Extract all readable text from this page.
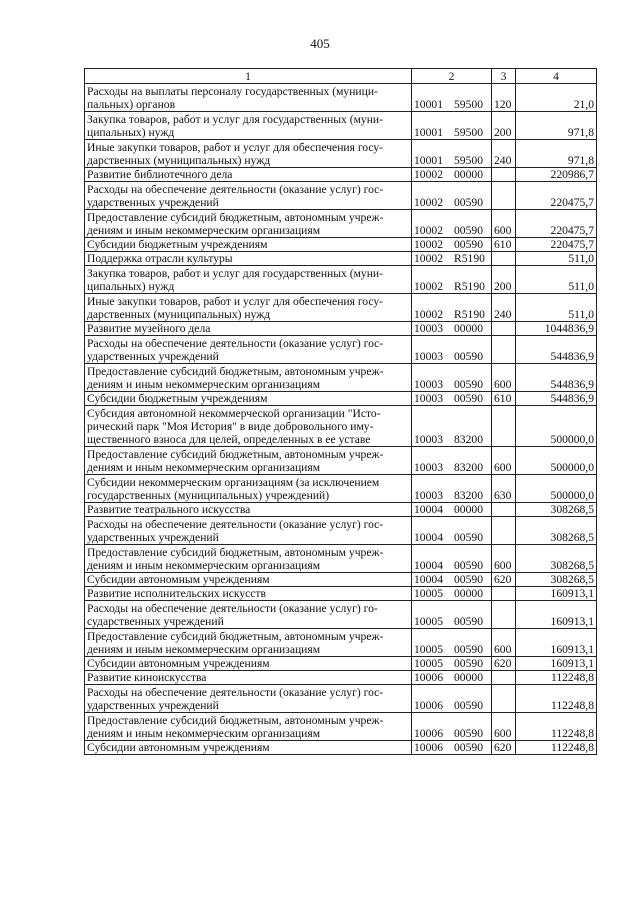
405
1	2	3	4
Расходы на выплаты персоналу государственных (муници-пальных) органов	10001 59500	120	21,0
Закупка товаров, работ и услуг для государственных (муни-ципальных) нужд	10001 59500	200	971,8
Иные закупки товаров, работ и услуг для обеспечения госу-дарственных (муниципальных) нужд	10001 59500	240	971,8
Развитие библиотечного дела	10002 00000		220986,7
Расходы на обеспечение деятельности (оказание услуг) гос-ударственных учреждений	10002 00590		220475,7
Предоставление субсидий бюджетным, автономным учреж-дениям и иным некоммерческим организациям	10002 00590	600	220475,7
Субсидии бюджетным учреждениям	10002 00590	610	220475,7
Поддержка отрасли культуры	10002 R5190		511,0
Закупка товаров, работ и услуг для государственных (муни-ципальных) нужд	10002 R5190	200	511,0
Иные закупки товаров, работ и услуг для обеспечения госу-дарственных (муниципальных) нужд	10002 R5190	240	511,0
Развитие музейного дела	10003 00000		1044836,9
Расходы на обеспечение деятельности (оказание услуг) гос-ударственных учреждений	10003 00590		544836,9
Предоставление субсидий бюджетным, автономным учреж-дениям и иным некоммерческим организациям	10003 00590	600	544836,9
Субсидии бюджетным учреждениям	10003 00590	610	544836,9
Субсидия автономной некоммерческой организации "Исто-рический парк "Моя История" в виде добровольного иму-щественного взноса для целей, определенных в ее уставе	10003 83200		500000,0
Предоставление субсидий бюджетным, автономным учреж-дениям и иным некоммерческим организациям	10003 83200	600	500000,0
Субсидии некоммерческим организациям (за исключением государственных (муниципальных) учреждений)	10003 83200	630	500000,0
Развитие театрального искусства	10004 00000		308268,5
Расходы на обеспечение деятельности (оказание услуг) гос-ударственных учреждений	10004 00590		308268,5
Предоставление субсидий бюджетным, автономным учреж-дениям и иным некоммерческим организациям	10004 00590	600	308268,5
Субсидии автономным учреждениям	10004 00590	620	308268,5
Развитие исполнительских искусств	10005 00000		160913,1
Расходы на обеспечение деятельности (оказание услуг) го-сударственных учреждений	10005 00590		160913,1
Предоставление субсидий бюджетным, автономным учреж-дениям и иным некоммерческим организациям	10005 00590	600	160913,1
Субсидии автономным учреждениям	10005 00590	620	160913,1
Развитие киноискусства	10006 00000		112248,8
Расходы на обеспечение деятельности (оказание услуг) гос-ударственных учреждений	10006 00590		112248,8
Предоставление субсидий бюджетным, автономным учреж-дениям и иным некоммерческим организациям	10006 00590	600	112248,8
Субсидии автономным учреждениям	10006 00590	620	112248,8
